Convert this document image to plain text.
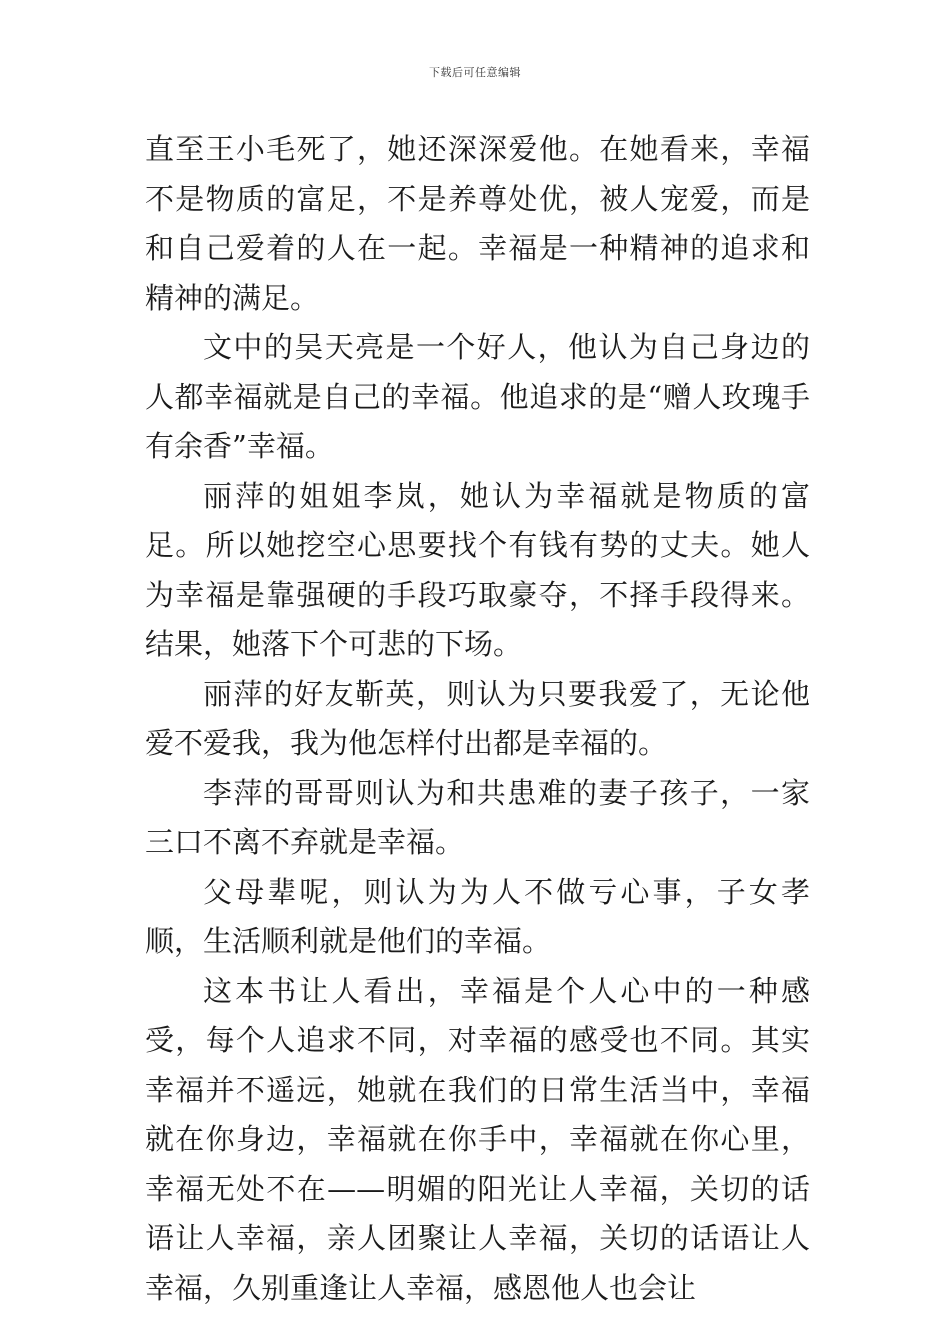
下载后可任意编辑

直至王小毛死了，她还深深爱他。在她看来，幸福不是物质的富足，不是养尊处优，被人宠爱，而是和自己爱着的人在一起。幸福是一种精神的追求和精神的满足。

文中的吴天亮是一个好人，他认为自己身边的人都幸福就是自己的幸福。他追求的是“赠人玫瑰手有余香”幸福。

丽萍的姐姐李岚，她认为幸福就是物质的富足。所以她挖空心思要找个有钱有势的丈夫。她人为幸福是靠强硬的手段巧取豪夺，不择手段得来。结果，她落下个可悲的下场。

丽萍的好友靳英，则认为只要我爱了，无论他爱不爱我，我为他怎样付出都是幸福的。

李萍的哥哥则认为和共患难的妻子孩子，一家三口不离不弃就是幸福。

父母辈呢，则认为为人不做亏心事，子女孝顺，生活顺利就是他们的幸福。

这本书让人看出，幸福是个人心中的一种感受，每个人追求不同，对幸福的感受也不同。其实幸福并不遥远，她就在我们的日常生活当中，幸福就在你身边，幸福就在你手中，幸福就在你心里，幸福无处不在——明媚的阳光让人幸福，关切的话语让人幸福，亲人团聚让人幸福，关切的话语让人幸福，久别重逢让人幸福，感恩他人也会让
